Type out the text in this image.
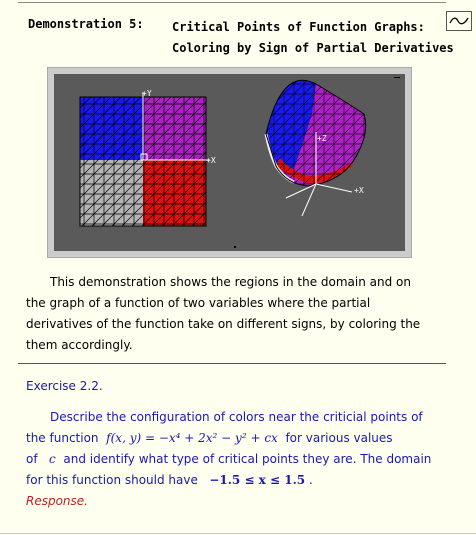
Demonstration 5: Critical Points of Function Graphs:
Coloring by Sign of Partial Derivatives
+Y
+X
+Z
+X

This demonstration shows the regions in the domain and on the graph of a function of two variables where the partial derivatives of the function take on different signs, by coloring the them accordingly.

Exercise 2.2.

Describe the configuration of colors near the criticial points of the function f(x, y) = −x⁴ + 2x² − y² + cx for various values of c and identify what type of critical points they are. The domain for this function should have −1.5 ≤ x ≤ 1.5 .

Response.
